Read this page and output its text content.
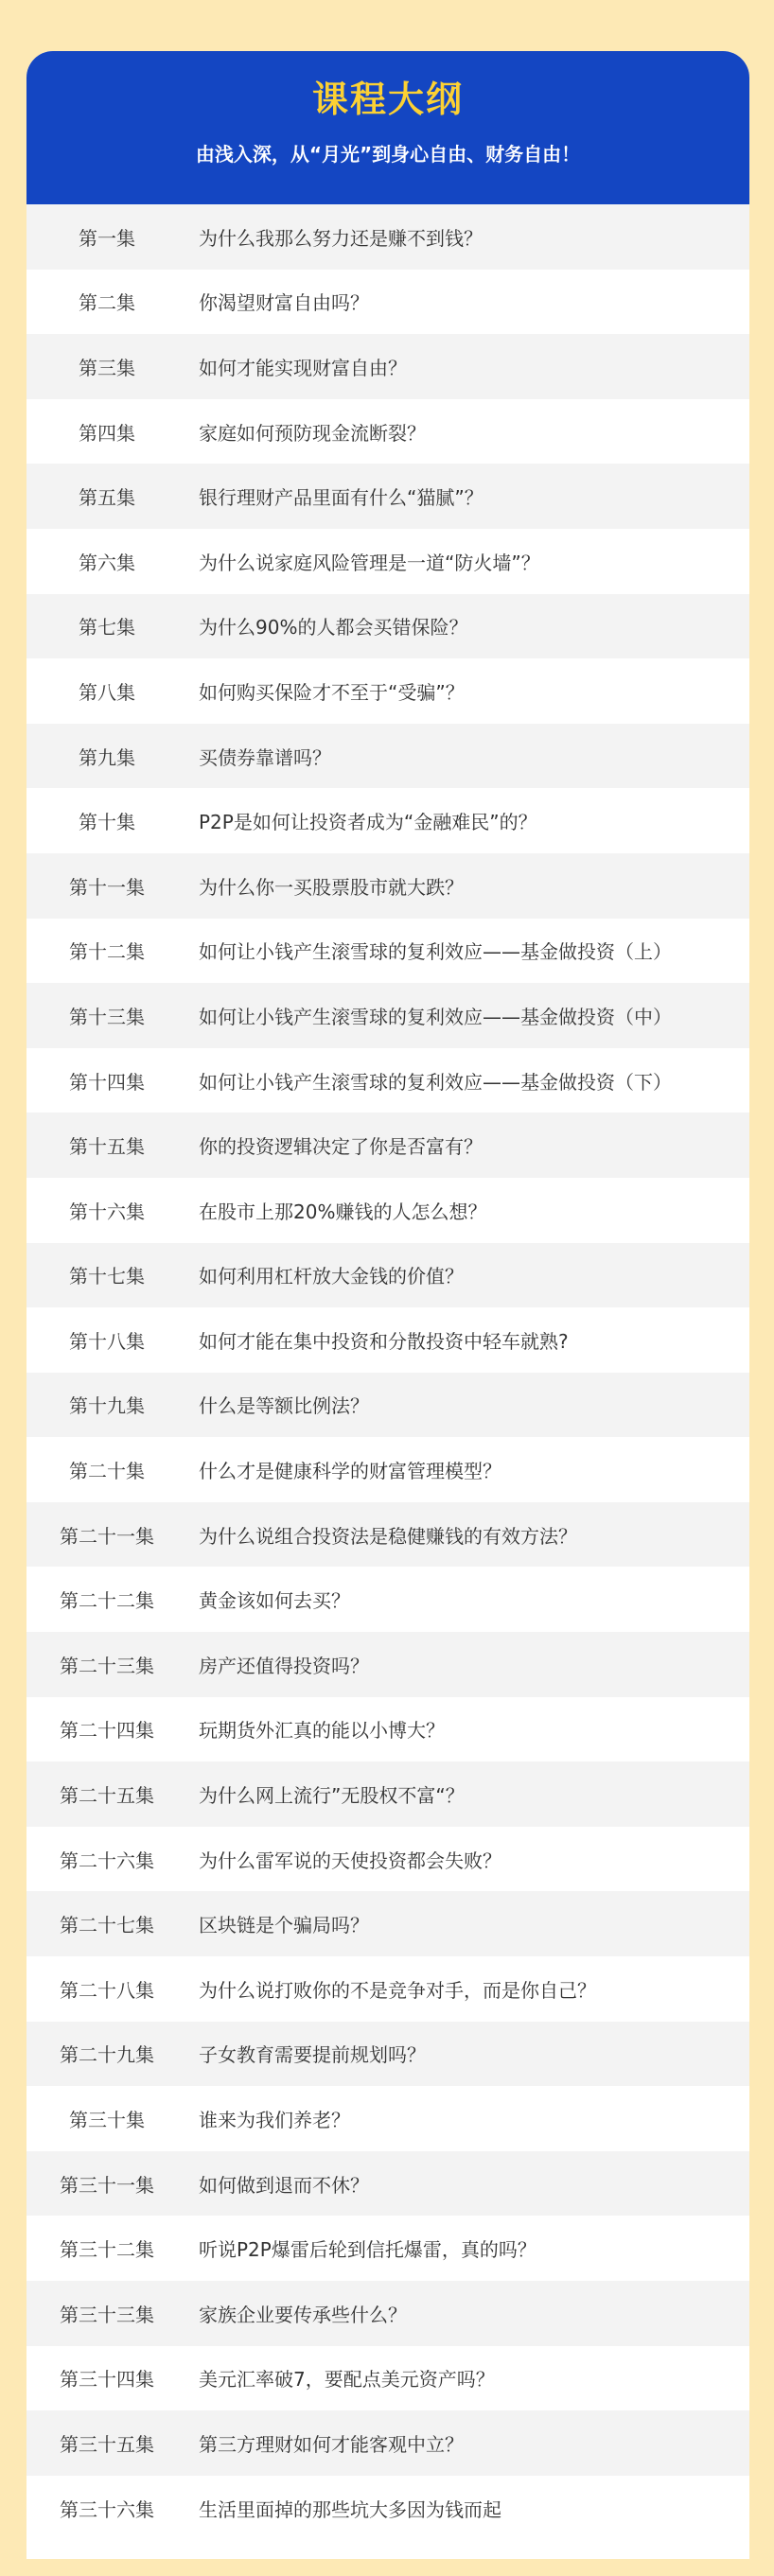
课程大纲
由浅入深，从“月光”到身心自由、财务自由！
第一集	为什么我那么努力还是赚不到钱？
第二集	你渴望财富自由吗？
第三集	如何才能实现财富自由？
第四集	家庭如何预防现金流断裂？
第五集	银行理财产品里面有什么“猫腻”？
第六集	为什么说家庭风险管理是一道“防火墙”？
第七集	为什么90%的人都会买错保险？
第八集	如何购买保险才不至于“受骗”？
第九集	买债券靠谱吗？
第十集	P2P是如何让投资者成为“金融难民”的？
第十一集	为什么你一买股票股市就大跌？
第十二集	如何让小钱产生滚雪球的复利效应——基金做投资（上）
第十三集	如何让小钱产生滚雪球的复利效应——基金做投资（中）
第十四集	如何让小钱产生滚雪球的复利效应——基金做投资（下）
第十五集	你的投资逻辑决定了你是否富有？
第十六集	在股市上那20%赚钱的人怎么想？
第十七集	如何利用杠杆放大金钱的价值？
第十八集	如何才能在集中投资和分散投资中轻车就熟?
第十九集	什么是等额比例法？
第二十集	什么才是健康科学的财富管理模型？
第二十一集	为什么说组合投资法是稳健赚钱的有效方法？
第二十二集	黄金该如何去买？
第二十三集	房产还值得投资吗？
第二十四集	玩期货外汇真的能以小博大？
第二十五集	为什么网上流行”无股权不富“？
第二十六集	为什么雷军说的天使投资都会失败？
第二十七集	区块链是个骗局吗？
第二十八集	为什么说打败你的不是竞争对手，而是你自己？
第二十九集	子女教育需要提前规划吗？
第三十集	谁来为我们养老？
第三十一集	如何做到退而不休？
第三十二集	听说P2P爆雷后轮到信托爆雷，真的吗？
第三十三集	家族企业要传承些什么？
第三十四集	美元汇率破7，要配点美元资产吗？
第三十五集	第三方理财如何才能客观中立？
第三十六集	生活里面掉的那些坑大多因为钱而起
